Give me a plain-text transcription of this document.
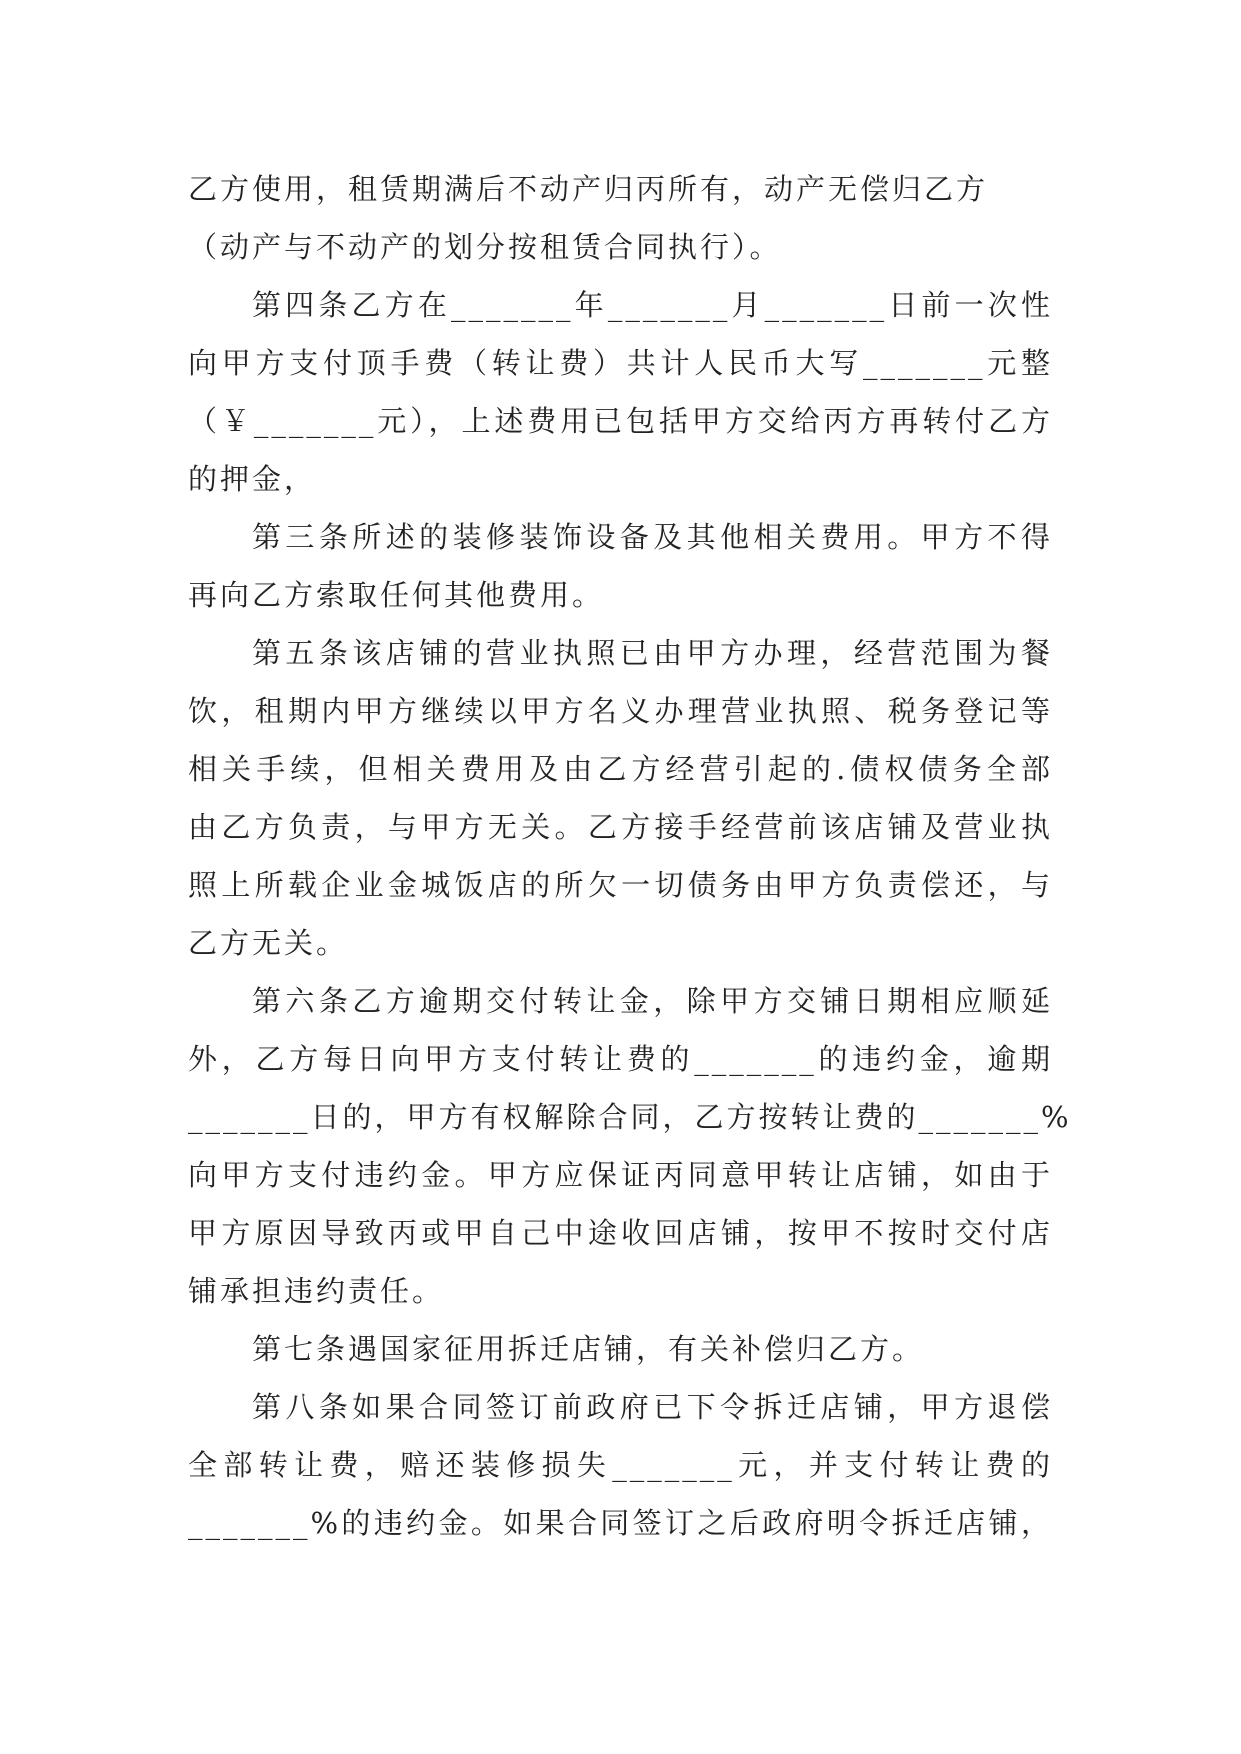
乙方使用，租赁期满后不动产归丙所有，动产无偿归乙方
（动产与不动产的划分按租赁合同执行）。
第四条乙方在_______年_______月_______日前一次性
向甲方支付顶手费（转让费）共计人民币大写_______元整
（￥_______元），上述费用已包括甲方交给丙方再转付乙方
的押金，
第三条所述的装修装饰设备及其他相关费用。甲方不得
再向乙方索取任何其他费用。
第五条该店铺的营业执照已由甲方办理，经营范围为餐
饮，租期内甲方继续以甲方名义办理营业执照、税务登记等
相关手续，但相关费用及由乙方经营引起的.债权债务全部
由乙方负责，与甲方无关。乙方接手经营前该店铺及营业执
照上所载企业金城饭店的所欠一切债务由甲方负责偿还，与
乙方无关。
第六条乙方逾期交付转让金，除甲方交铺日期相应顺延
外，乙方每日向甲方支付转让费的_______的违约金，逾期
_______日的，甲方有权解除合同，乙方按转让费的_______%
向甲方支付违约金。甲方应保证丙同意甲转让店铺，如由于
甲方原因导致丙或甲自己中途收回店铺，按甲不按时交付店
铺承担违约责任。
第七条遇国家征用拆迁店铺，有关补偿归乙方。
第八条如果合同签订前政府已下令拆迁店铺，甲方退偿
全部转让费，赔还装修损失_______元，并支付转让费的
_______%的违约金。如果合同签订之后政府明令拆迁店铺，
